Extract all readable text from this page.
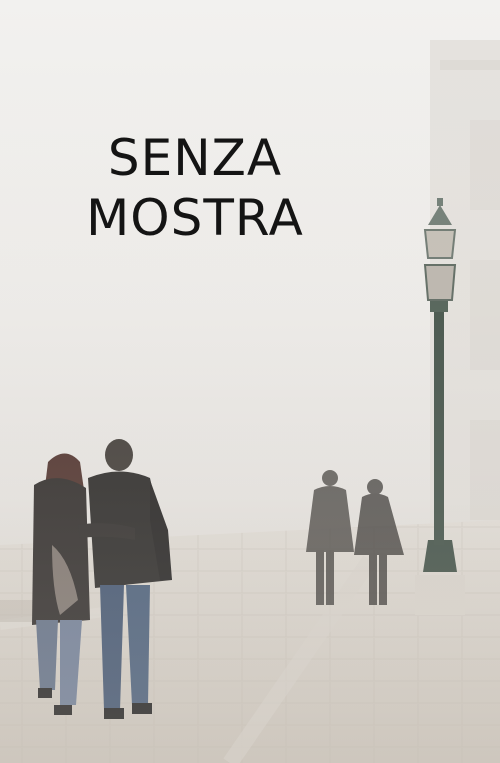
SENZA
MOSTRA
